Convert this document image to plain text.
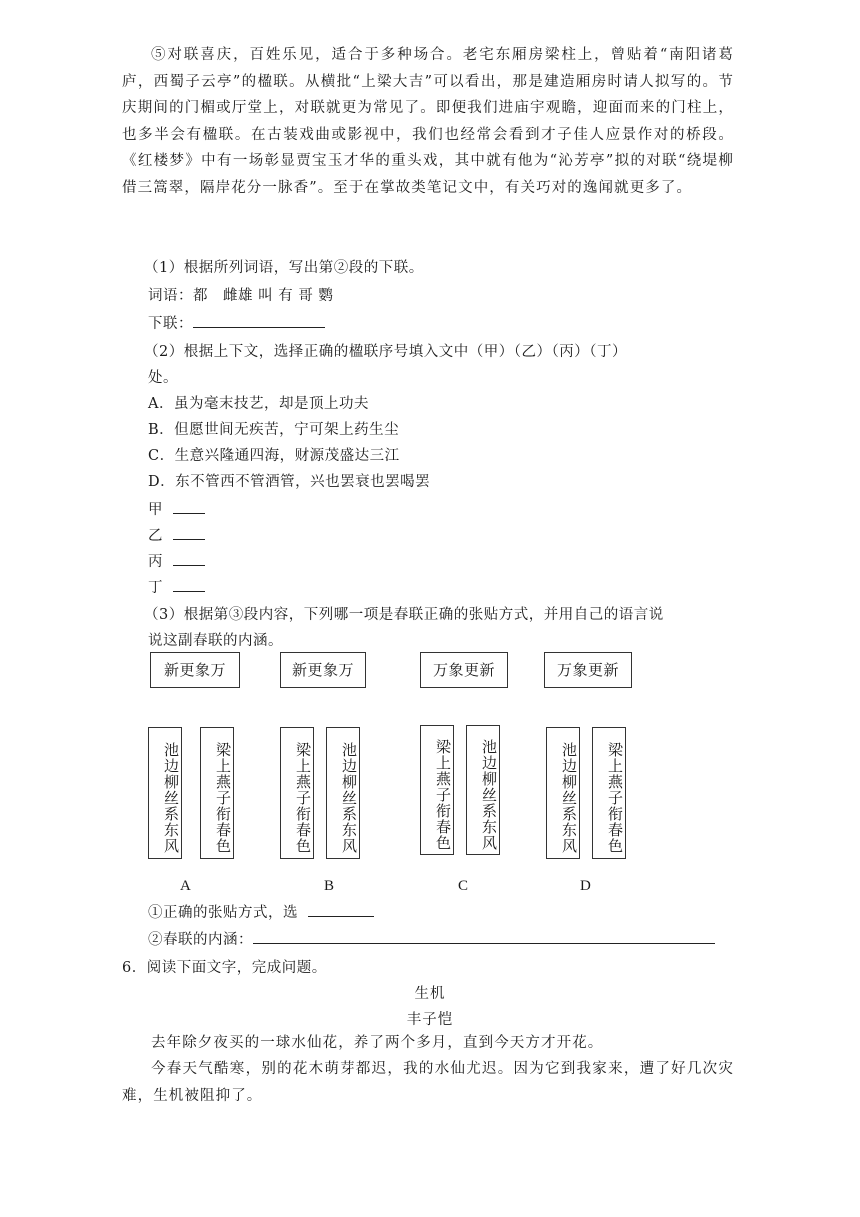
⑤对联喜庆，百姓乐见，适合于多种场合。老宅东厢房梁柱上，曾贴着“南阳诸葛庐，西蜀子云亭”的楹联。从横批“上梁大吉”可以看出，那是建造厢房时请人拟写的。节庆期间的门楣或厅堂上，对联就更为常见了。即便我们进庙宇观瞻，迎面而来的门柱上，也多半会有楹联。在古装戏曲或影视中，我们也经常会看到才子佳人应景作对的桥段。《红楼梦》中有一场彰显贾宝玉才华的重头戏，其中就有他为“沁芳亭”拟的对联“绕堤柳借三篙翠，隔岸花分一脉香”。至于在掌故类笔记文中，有关巧对的逸闻就更多了。
（1）根据所列词语，写出第②段的下联。
词语：都　雌雄 叫 有 哥 鹦
下联：
（2）根据上下文，选择正确的楹联序号填入文中（甲）（乙）（丙）（丁）
处。
A．虽为毫末技艺，却是顶上功夫
B．但愿世间无疾苦，宁可架上药生尘
C．生意兴隆通四海，财源茂盛达三江
D．东不管西不管酒管，兴也罢衰也罢喝罢
甲
乙
丙
丁
（3）根据第③段内容，下列哪一项是春联正确的张贴方式，并用自己的语言说
说这副春联的内涵。
新更象万
池边柳丝系东风	梁上燕子衔春色
A
新更象万
梁上燕子衔春色	池边柳丝系东风
B
万象更新
梁上燕子衔春色	池边柳丝系东风
C
万象更新
池边柳丝系东风	梁上燕子衔春色
D
①正确的张贴方式，选
②春联的内涵：
6．阅读下面文字，完成问题。
生机
丰子恺
去年除夕夜买的一球水仙花，养了两个多月，直到今天方才开花。
今春天气酷寒，别的花木萌芽都迟，我的水仙尤迟。因为它到我家来，遭了好几次灾难，生机被阻抑了。
